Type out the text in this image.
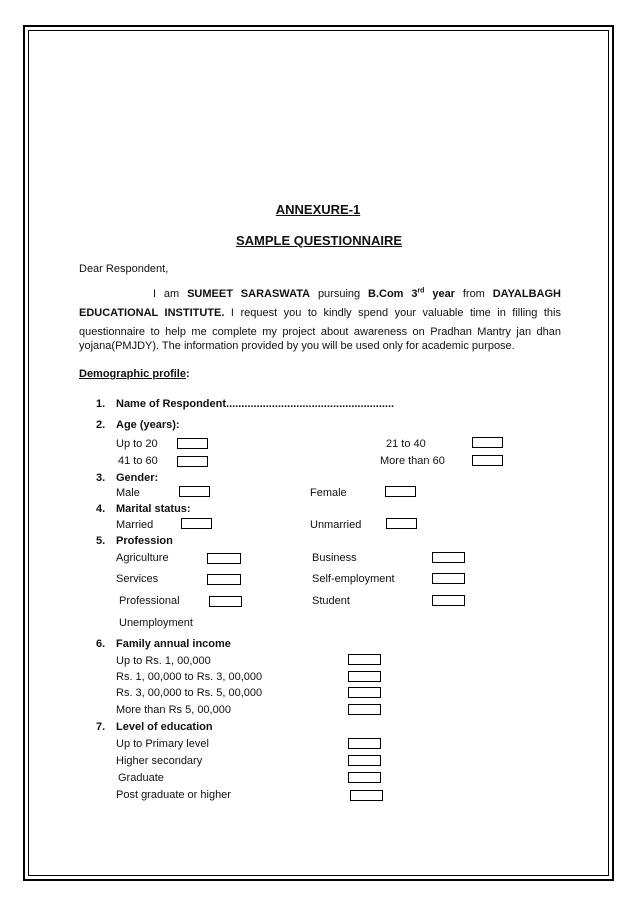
ANNEXURE-1
SAMPLE QUESTIONNAIRE
Dear Respondent,
I am SUMEET SARASWATA pursuing B.Com 3rd year from DAYALBAGH
EDUCATIONAL INSTITUTE. I request you to kindly spend your valuable time in filling this
questionnaire to help me complete my project about awareness on Pradhan Mantry jan dhan
yojana(PMJDY). The information provided by you will be used only for academic purpose.
Demographic profile:
1. Name of Respondent.......................................................
2. Age (years):
Up to 20	21 to 40
41 to 60	More than 60
3. Gender:
Male	Female
4. Marital status:
Married	Unmarried
5. Profession
Agriculture	Business
Services	Self-employment
Professional	Student
Unemployment
6. Family annual income
Up to Rs. 1, 00,000
Rs. 1, 00,000 to Rs. 3, 00,000
Rs. 3, 00,000 to Rs. 5, 00,000
More than Rs 5, 00,000
7. Level of education
Up to Primary level
Higher secondary
Graduate
Post graduate or higher
